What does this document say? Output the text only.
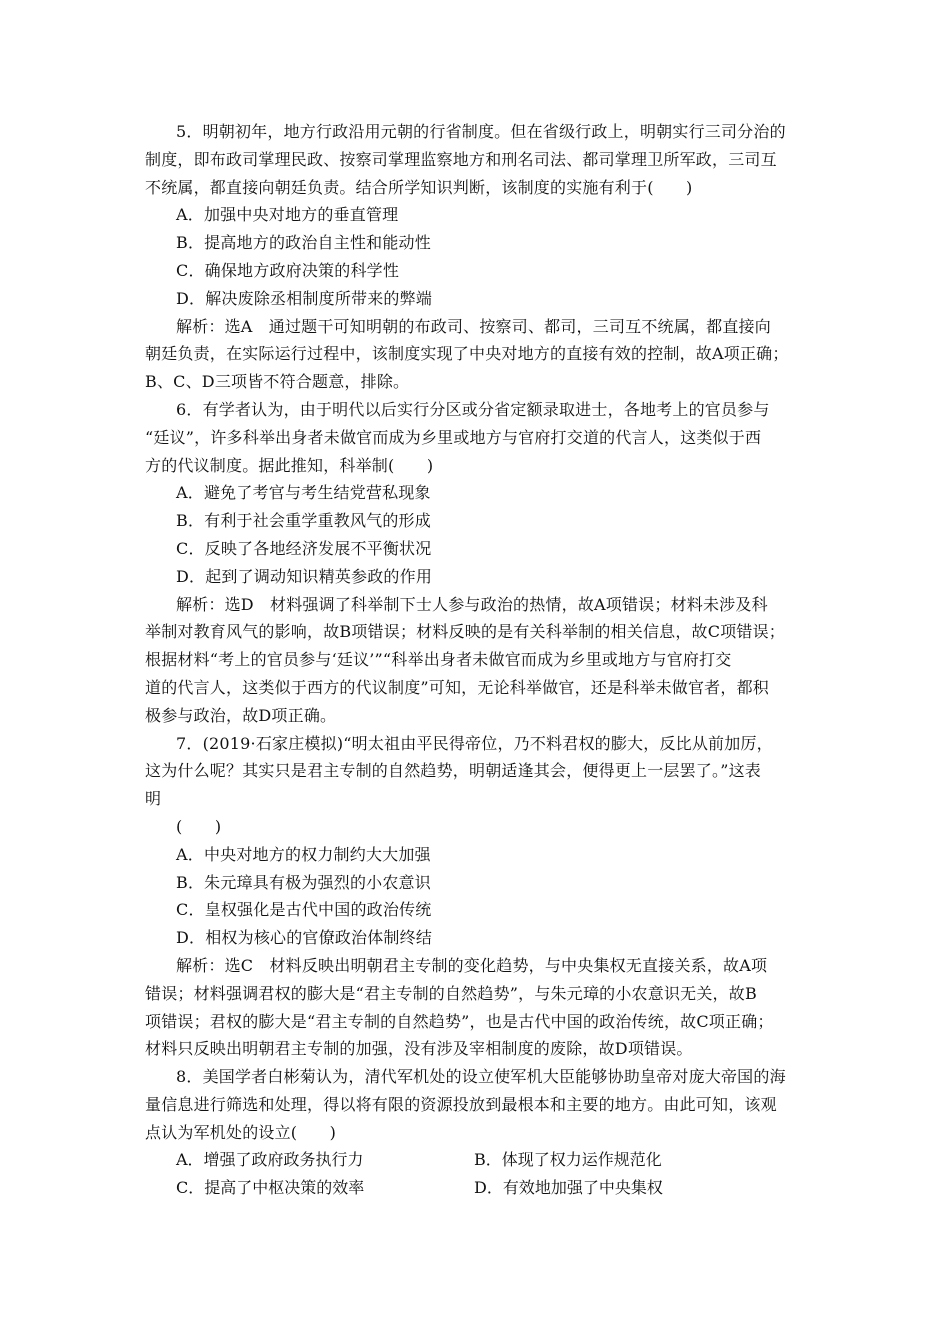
5．明朝初年，地方行政沿用元朝的行省制度。但在省级行政上，明朝实行三司分治的
制度，即布政司掌理民政、按察司掌理监察地方和刑名司法、都司掌理卫所军政，三司互
不统属，都直接向朝廷负责。结合所学知识判断，该制度的实施有利于(　　)
A．加强中央对地方的垂直管理
B．提高地方的政治自主性和能动性
C．确保地方政府决策的科学性
D．解决废除丞相制度所带来的弊端
解析：选A　通过题干可知明朝的布政司、按察司、都司，三司互不统属，都直接向
朝廷负责，在实际运行过程中，该制度实现了中央对地方的直接有效的控制，故A项正确；
B、C、D三项皆不符合题意，排除。
6．有学者认为，由于明代以后实行分区或分省定额录取进士，各地考上的官员参与
“廷议”，许多科举出身者未做官而成为乡里或地方与官府打交道的代言人，这类似于西
方的代议制度。据此推知，科举制(　　)
A．避免了考官与考生结党营私现象
B．有利于社会重学重教风气的形成
C．反映了各地经济发展不平衡状况
D．起到了调动知识精英参政的作用
解析：选D　材料强调了科举制下士人参与政治的热情，故A项错误；材料未涉及科
举制对教育风气的影响，故B项错误；材料反映的是有关科举制的相关信息，故C项错误；
根据材料“考上的官员参与‘廷议’”“科举出身者未做官而成为乡里或地方与官府打交
道的代言人，这类似于西方的代议制度”可知，无论科举做官，还是科举未做官者，都积
极参与政治，故D项正确。
7．(2019·石家庄模拟)“明太祖由平民得帝位，乃不料君权的膨大，反比从前加厉，
这为什么呢？其实只是君主专制的自然趋势，明朝适逢其会，便得更上一层罢了。”这表
明
(　　)
A．中央对地方的权力制约大大加强
B．朱元璋具有极为强烈的小农意识
C．皇权强化是古代中国的政治传统
D．相权为核心的官僚政治体制终结
解析：选C　材料反映出明朝君主专制的变化趋势，与中央集权无直接关系，故A项
错误；材料强调君权的膨大是“君主专制的自然趋势”，与朱元璋的小农意识无关，故B
项错误；君权的膨大是“君主专制的自然趋势”，也是古代中国的政治传统，故C项正确；
材料只反映出明朝君主专制的加强，没有涉及宰相制度的废除，故D项错误。
8．美国学者白彬菊认为，清代军机处的设立使军机大臣能够协助皇帝对庞大帝国的海
量信息进行筛选和处理，得以将有限的资源投放到最根本和主要的地方。由此可知，该观
点认为军机处的设立(　　)
A．增强了政府政务执行力	B．体现了权力运作规范化
C．提高了中枢决策的效率	D．有效地加强了中央集权
